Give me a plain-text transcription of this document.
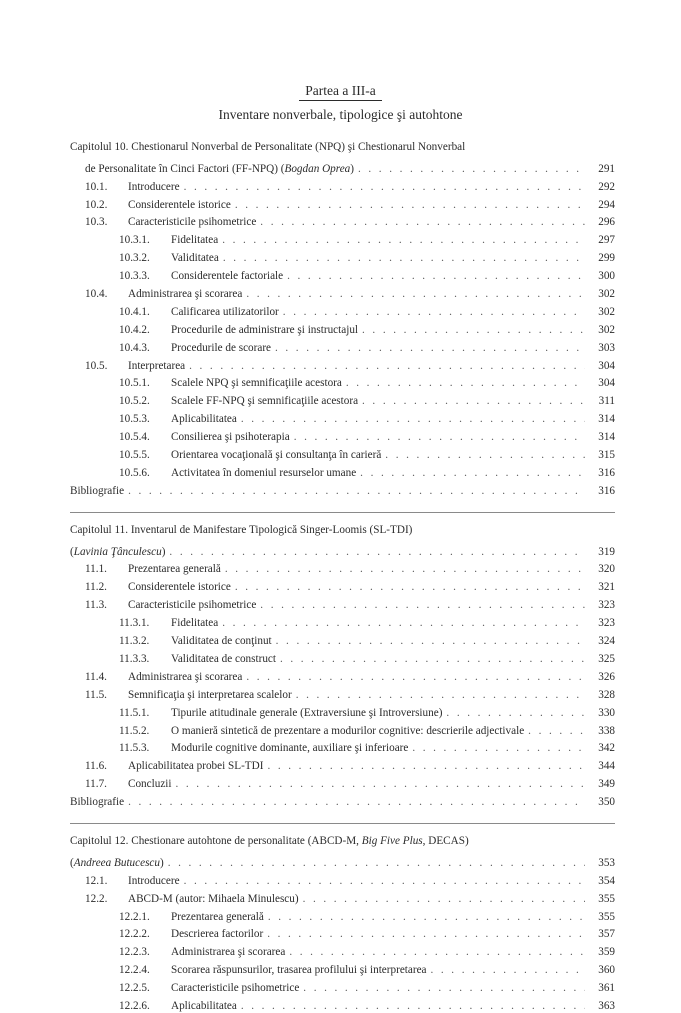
Partea a III-a
Inventare nonverbale, tipologice şi autohtone
Capitolul 10. Chestionarul Nonverbal de Personalitate (NPQ) şi Chestionarul Nonverbal
de Personalitate în Cinci Factori (FF-NPQ) (Bogdan Oprea) . . .	291
10.1. Introducere . . .	292
10.2. Considerentele istorice . . .	294
10.3. Caracteristicile psihometrice . . .	296
10.3.1. Fidelitatea . . .	297
10.3.2. Validitatea . . .	299
10.3.3. Considerentele factoriale . . .	300
10.4. Administrarea şi scorarea . . .	302
10.4.1. Calificarea utilizatorilor . . .	302
10.4.2. Procedurile de administrare şi instructajul . . .	302
10.4.3. Procedurile de scorare . . .	303
10.5. Interpretarea . . .	304
10.5.1. Scalele NPQ şi semnificaţiile acestora . . .	304
10.5.2. Scalele FF-NPQ şi semnificaţiile acestora . . .	311
10.5.3. Aplicabilitatea . . .	314
10.5.4. Consilierea şi psihoterapia . . .	314
10.5.5. Orientarea vocaţională şi consultanţa în carieră . . .	315
10.5.6. Activitatea în domeniul resurselor umane . . .	316
Bibliografie . . .	316
Capitolul 11. Inventarul de Manifestare Tipologică Singer-Loomis (SL-TDI)
(Lavinia Ţânculescu) . . .	319
11.1. Prezentarea generală . . .	320
11.2. Considerentele istorice . . .	321
11.3. Caracteristicile psihometrice . . .	323
11.3.1. Fidelitatea . . .	323
11.3.2. Validitatea de conţinut . . .	324
11.3.3. Validitatea de construct . . .	325
11.4. Administrarea şi scorarea . . .	326
11.5. Semnificaţia şi interpretarea scalelor . . .	328
11.5.1. Tipurile atitudinale generale (Extraversiune şi Introversiune) . . .	330
11.5.2. O manieră sintetică de prezentare a modurilor cognitive: descrierile adjectivale . . .	338
11.5.3. Modurile cognitive dominante, auxiliare şi inferioare . . .	342
11.6. Aplicabilitatea probei SL-TDI . . .	344
11.7. Concluzii . . .	349
Bibliografie . . .	350
Capitolul 12. Chestionare autohtone de personalitate (ABCD-M, Big Five Plus, DECAS)
(Andreea Butucescu) . . .	353
12.1. Introducere . . .	354
12.2. ABCD-M (autor: Mihaela Minulescu) . . .	355
12.2.1. Prezentarea generală . . .	355
12.2.2. Descrierea factorilor . . .	357
12.2.3. Administrarea şi scorarea . . .	359
12.2.4. Scorarea răspunsurilor, trasarea profilului şi interpretarea . . .	360
12.2.5. Caracteristicile psihometrice . . .	361
12.2.6. Aplicabilitatea . . .	363
